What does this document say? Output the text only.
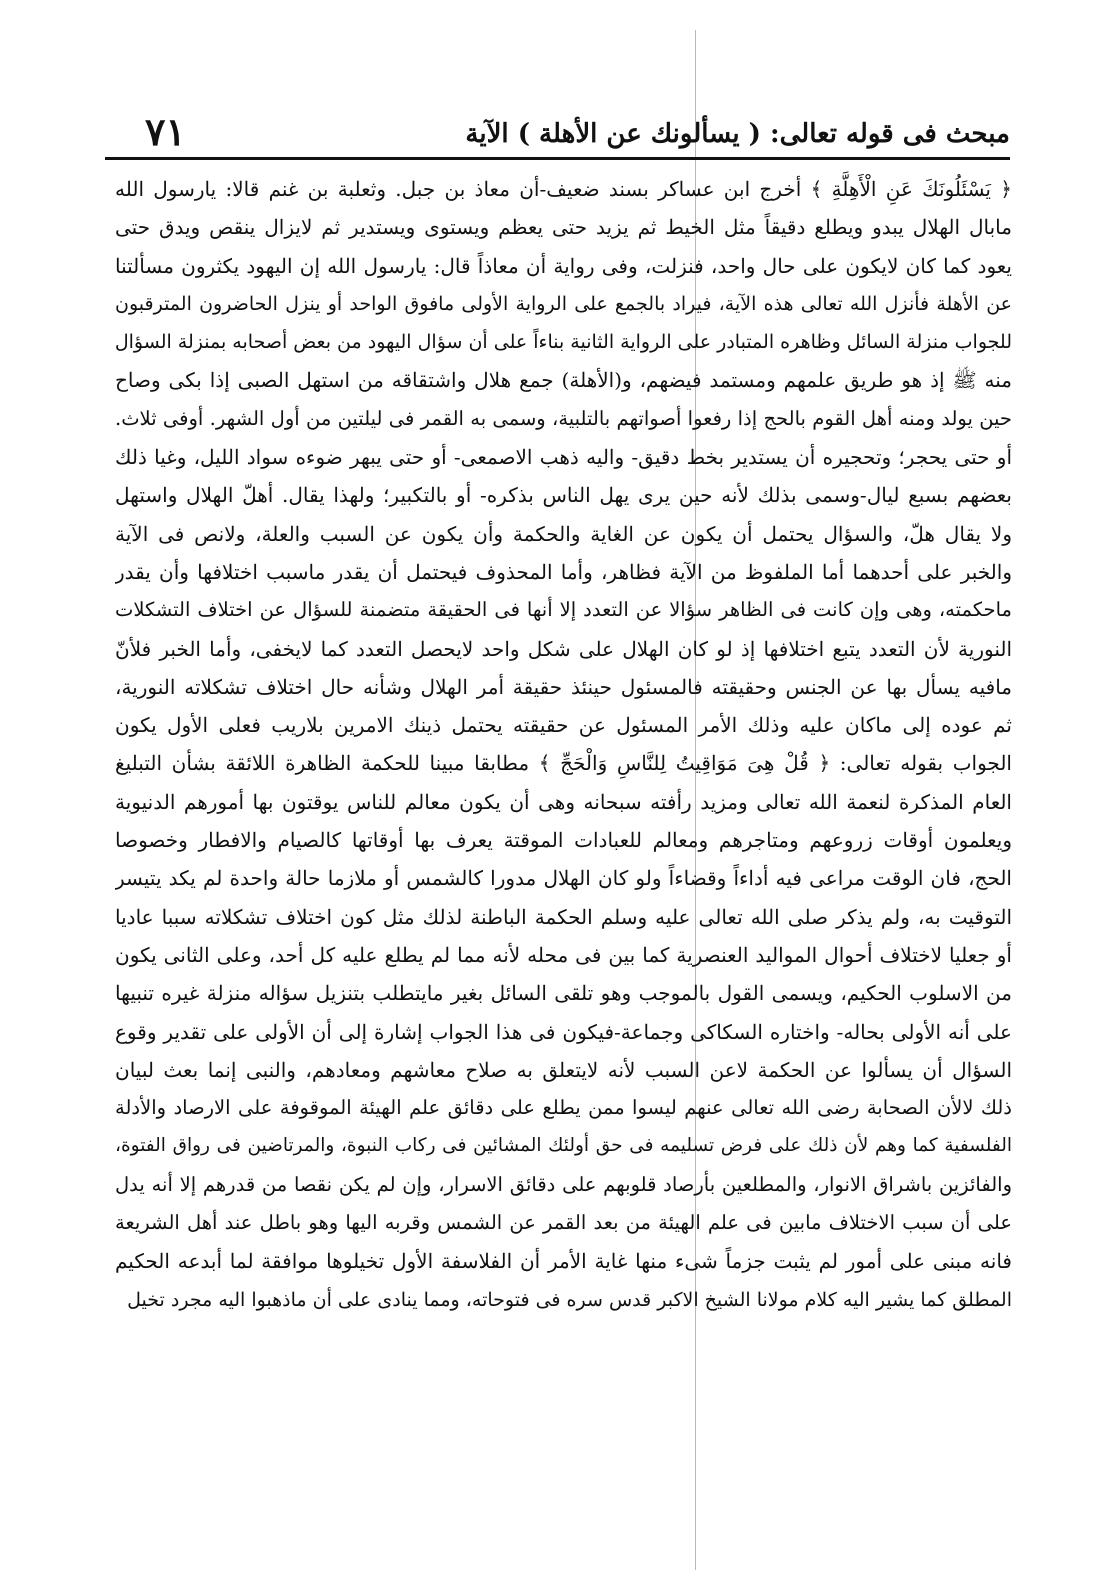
مبحث فى قوله تعالى: ( يسألونك عن الأهلة ) الآية
٧١
﴿ يَسْئَلُونَكَ عَنِ الْأَهِلَّةِ ﴾ أخرج ابن عساكر بسند ضعيف-أن معاذ بن جبل. وثعلبة بن غنم قالا: يارسول الله
مابال الهلال يبدو ويطلع دقيقاً مثل الخيط ثم يزيد حتى يعظم ويستوى ويستدير ثم لايزال ينقص ويدق حتى
يعود كما كان لايكون على حال واحد، فنزلت، وفى رواية أن معاذاً قال: يارسول الله إن اليهود يكثرون مسألتنا
عن الأهلة فأنزل الله تعالى هذه الآية، فيراد بالجمع على الرواية الأولى مافوق الواحد أو ينزل الحاضرون المترقبون
للجواب منزلة السائل وظاهره المتبادر على الرواية الثانية بناءاً على أن سؤال اليهود من بعض أصحابه بمنزلة السؤال
منه ﷺ إذ هو طريق علمهم ومستمد فيضهم، و(الأهلة) جمع هلال واشتقاقه من استهل الصبى إذا بكى وصاح
حين يولد ومنه أهل القوم بالحج إذا رفعوا أصواتهم بالتلبية، وسمى به القمر فى ليلتين من أول الشهر. أوفى ثلاث.
أو حتى يحجر؛ وتحجيره أن يستدير بخط دقيق- واليه ذهب الاصمعى- أو حتى يبهر ضوءه سواد الليل، وغيا ذلك
بعضهم بسبع ليال-وسمى بذلك لأنه حين يرى يهل الناس بذكره- أو بالتكبير؛ ولهذا يقال. أهلّ الهلال واستهل
ولا يقال هلّ، والسؤال يحتمل أن يكون عن الغاية والحكمة وأن يكون عن السبب والعلة، ولانص فى الآية
والخبر على أحدهما أما الملفوظ من الآية فظاهر، وأما المحذوف فيحتمل أن يقدر ماسبب اختلافها وأن يقدر
ماحكمته، وهى وإن كانت فى الظاهر سؤالا عن التعدد إلا أنها فى الحقيقة متضمنة للسؤال عن اختلاف التشكلات
النورية لأن التعدد يتبع اختلافها إذ لو كان الهلال على شكل واحد لايحصل التعدد كما لايخفى، وأما الخبر فلأنّ
مافيه يسأل بها عن الجنس وحقيقته فالمسئول حينئذ حقيقة أمر الهلال وشأنه حال اختلاف تشكلاته النورية،
ثم عوده إلى ماكان عليه وذلك الأمر المسئول عن حقيقته يحتمل ذينك الامرين بلاريب فعلى الأول يكون
الجواب بقوله تعالى: ﴿ قُلْ هِىَ مَوَاقِيتُ لِلنَّاسِ وَالْحَجِّ ﴾ مطابقا مبينا للحكمة الظاهرة اللائقة بشأن التبليغ
العام المذكرة لنعمة الله تعالى ومزيد رأفته سبحانه وهى أن يكون معالم للناس يوقتون بها أمورهم الدنيوية
ويعلمون أوقات زروعهم ومتاجرهم ومعالم للعبادات الموقتة يعرف بها أوقاتها كالصيام والافطار وخصوصا
الحج، فان الوقت مراعى فيه أداءاً وقضاءاً ولو كان الهلال مدورا كالشمس أو ملازما حالة واحدة لم يكد يتيسر
التوقيت به، ولم يذكر صلى الله تعالى عليه وسلم الحكمة الباطنة لذلك مثل كون اختلاف تشكلاته سببا عاديا
أو جعليا لاختلاف أحوال المواليد العنصرية كما بين فى محله لأنه مما لم يطلع عليه كل أحد، وعلى الثانى يكون
من الاسلوب الحكيم، ويسمى القول بالموجب وهو تلقى السائل بغير مايتطلب بتنزيل سؤاله منزلة غيره تنبيها
على أنه الأولى بحاله- واختاره السكاكى وجماعة-فيكون فى هذا الجواب إشارة إلى أن الأولى على تقدير وقوع
السؤال أن يسألوا عن الحكمة لاعن السبب لأنه لايتعلق به صلاح معاشهم ومعادهم، والنبى إنما بعث لبيان
ذلك لالأن الصحابة رضى الله تعالى عنهم ليسوا ممن يطلع على دقائق علم الهيئة الموقوفة على الارصاد والأدلة
الفلسفية كما وهم لأن ذلك على فرض تسليمه فى حق أولئك المشائين فى ركاب النبوة، والمرتاضين فى رواق الفتوة،
والفائزين باشراق الانوار، والمطلعين بأرصاد قلوبهم على دقائق الاسرار، وإن لم يكن نقصا من قدرهم إلا أنه يدل
على أن سبب الاختلاف مابين فى علم الهيئة من بعد القمر عن الشمس وقربه اليها وهو باطل عند أهل الشريعة
فانه مبنى على أمور لم يثبت جزماً شىء منها غاية الأمر أن الفلاسفة الأول تخيلوها موافقة لما أبدعه الحكيم
المطلق كما يشير اليه كلام مولانا الشيخ الاكبر قدس سره فى فتوحاته، ومما ينادى على أن ماذهبوا اليه مجرد تخيل
